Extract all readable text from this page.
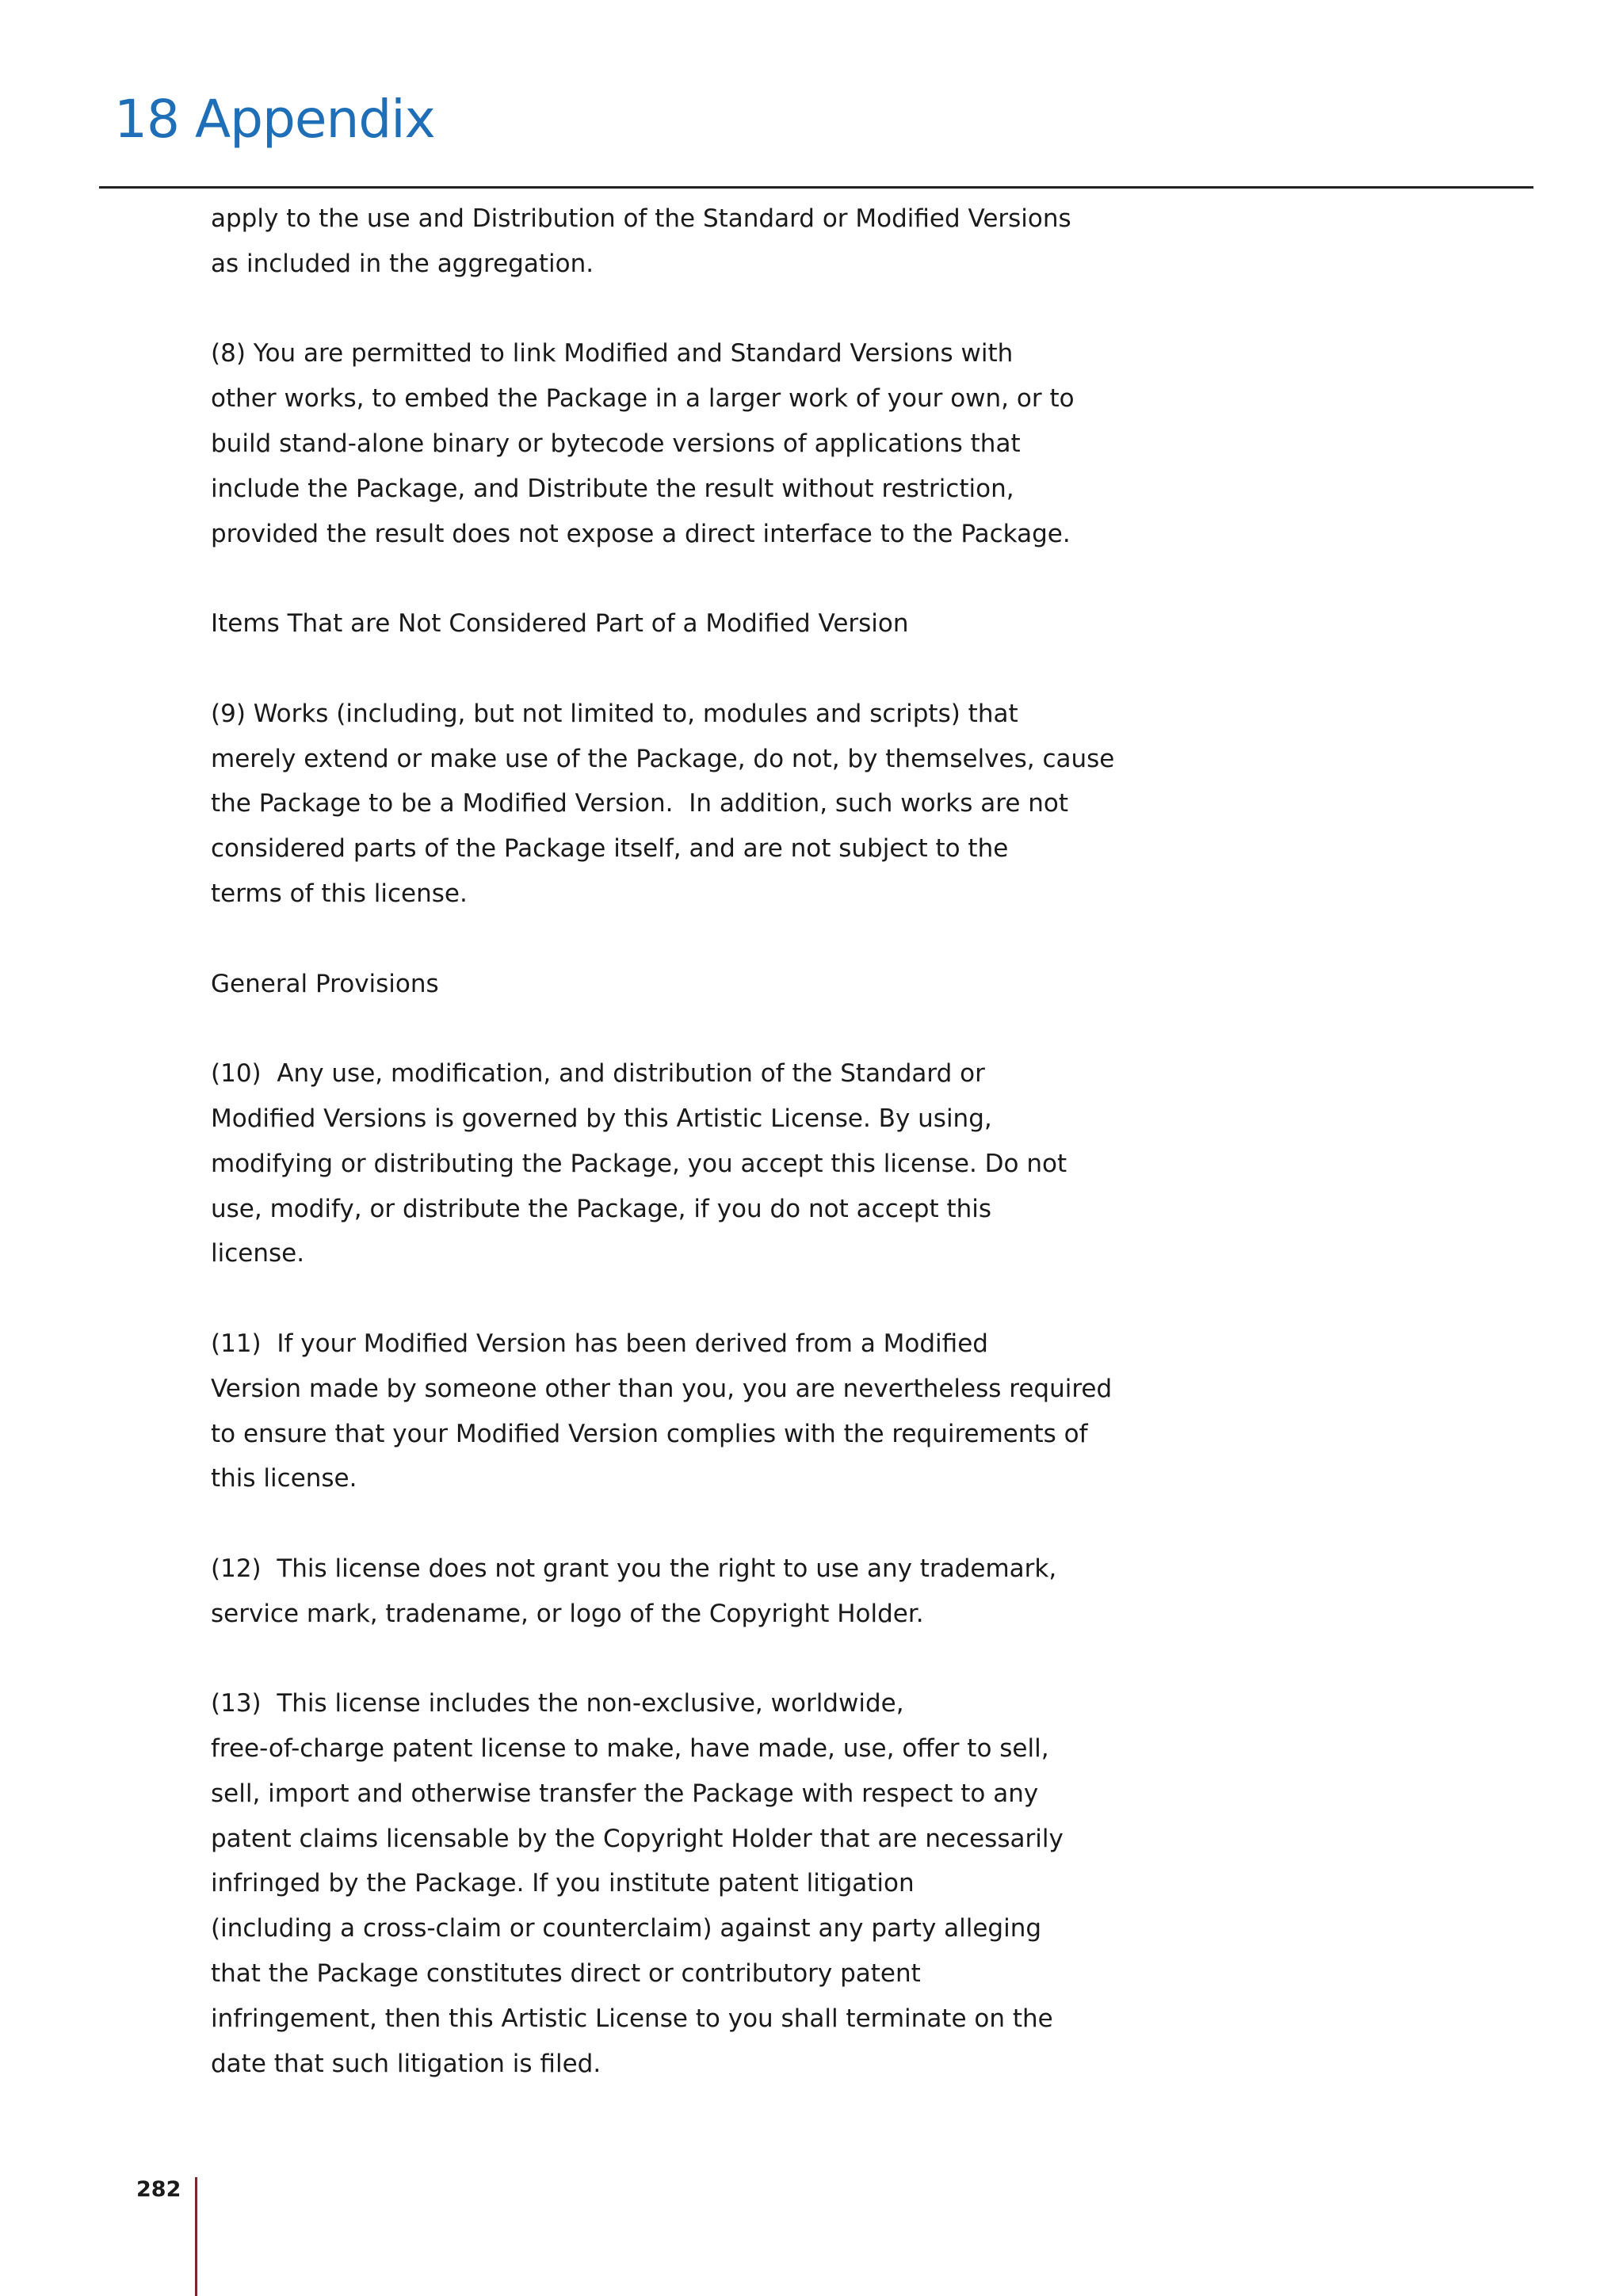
18 Appendix
apply to the use and Distribution of the Standard or Modified Versions
as included in the aggregation.
(8) You are permitted to link Modified and Standard Versions with
other works, to embed the Package in a larger work of your own, or to
build stand-alone binary or bytecode versions of applications that
include the Package, and Distribute the result without restriction,
provided the result does not expose a direct interface to the Package.
Items That are Not Considered Part of a Modified Version
(9) Works (including, but not limited to, modules and scripts) that
merely extend or make use of the Package, do not, by themselves, cause
the Package to be a Modified Version.  In addition, such works are not
considered parts of the Package itself, and are not subject to the
terms of this license.
General Provisions
(10)  Any use, modification, and distribution of the Standard or
Modified Versions is governed by this Artistic License. By using,
modifying or distributing the Package, you accept this license. Do not
use, modify, or distribute the Package, if you do not accept this
license.
(11)  If your Modified Version has been derived from a Modified
Version made by someone other than you, you are nevertheless required
to ensure that your Modified Version complies with the requirements of
this license.
(12)  This license does not grant you the right to use any trademark,
service mark, tradename, or logo of the Copyright Holder.
(13)  This license includes the non-exclusive, worldwide,
free-of-charge patent license to make, have made, use, offer to sell,
sell, import and otherwise transfer the Package with respect to any
patent claims licensable by the Copyright Holder that are necessarily
infringed by the Package. If you institute patent litigation
(including a cross-claim or counterclaim) against any party alleging
that the Package constitutes direct or contributory patent
infringement, then this Artistic License to you shall terminate on the
date that such litigation is filed.
282
